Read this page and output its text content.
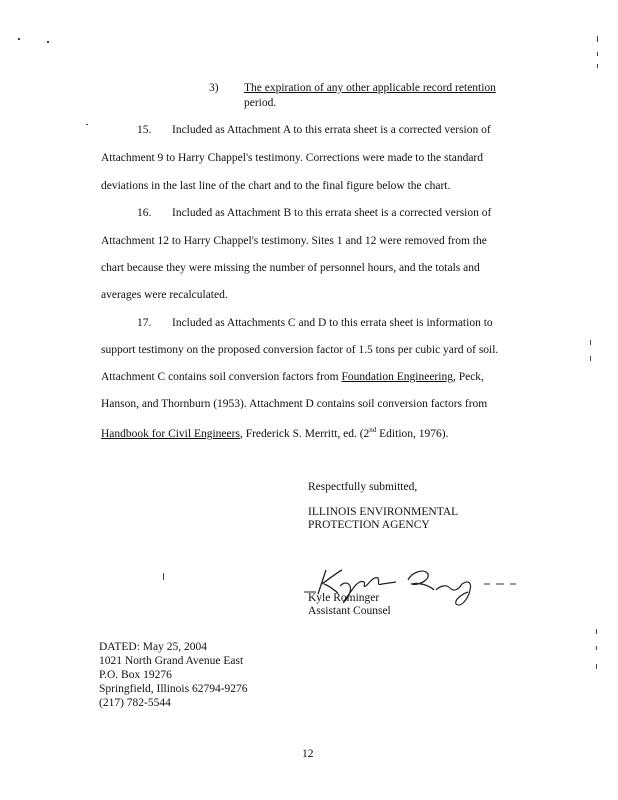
3) The expiration of any other applicable record retention
period.
15. Included as Attachment A to this errata sheet is a corrected version of
Attachment 9 to Harry Chappel's testimony. Corrections were made to the standard
deviations in the last line of the chart and to the final figure below the chart.
16. Included as Attachment B to this errata sheet is a corrected version of
Attachment 12 to Harry Chappel's testimony. Sites 1 and 12 were removed from the
chart because they were missing the number of personnel hours, and the totals and
averages were recalculated.
17. Included as Attachments C and D to this errata sheet is information to
support testimony on the proposed conversion factor of 1.5 tons per cubic yard of soil.
Attachment C contains soil conversion factors from Foundation Engineering, Peck,
Hanson, and Thornburn (1953). Attachment D contains soil conversion factors from
Handbook for Civil Engineers, Frederick S. Merritt, ed. (2nd Edition, 1976).
Respectfully submitted,
ILLINOIS ENVIRONMENTAL
PROTECTION AGENCY
Kyle Rominger
Assistant Counsel
DATED: May 25, 2004
1021 North Grand Avenue East
P.O. Box 19276
Springfield, Illinois 62794-9276
(217) 782-5544
12
